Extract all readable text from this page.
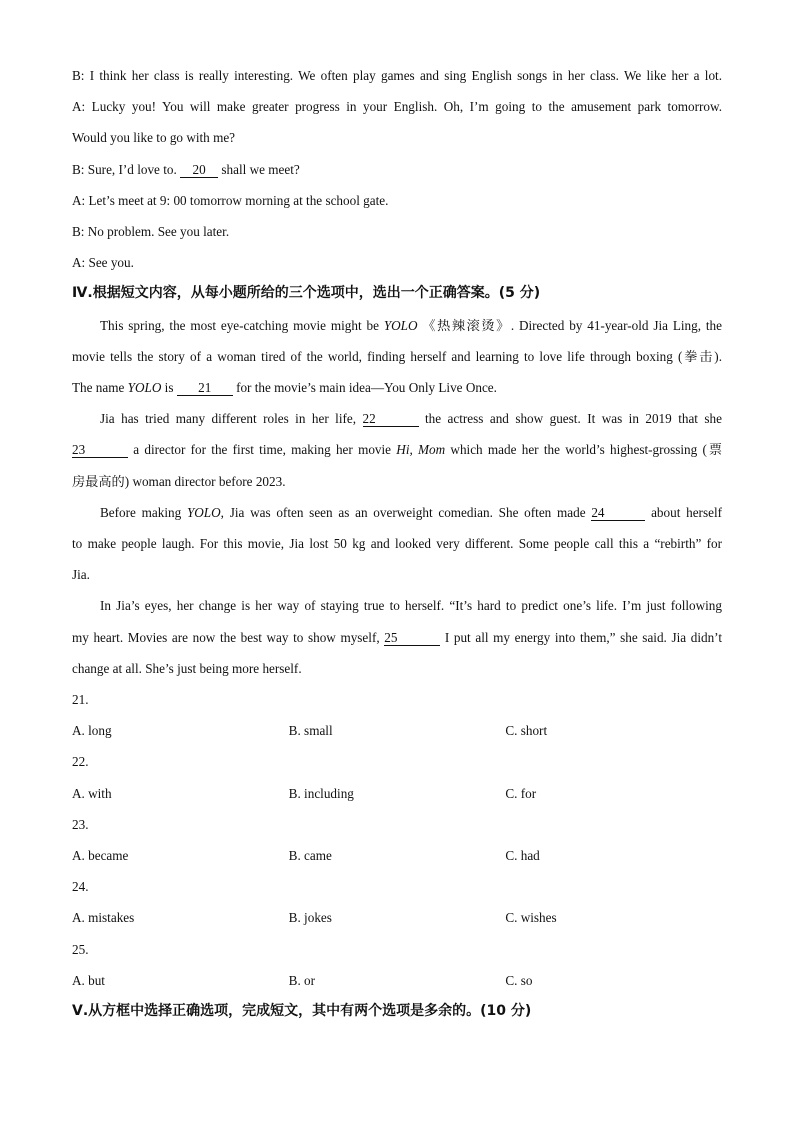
B: I think her class is really interesting. We often play games and sing English songs in her class. We like her a lot.
A: Lucky you! You will make greater progress in your English. Oh, I’m going to the amusement park tomorrow.
Would you like to go with me?
B: Sure, I’d love to. 20 shall we meet?
A: Let’s meet at 9: 00 tomorrow morning at the school gate.
B: No problem. See you later.
A: See you.
Ⅳ.根据短文内容，从每小题所给的三个选项中，选出一个正确答案。(5 分)
This spring, the most eye-catching movie might be YOLO 《热辣滚烫》. Directed by 41-year-old Jia Ling, the
movie tells the story of a woman tired of the world, finding herself and learning to love life through boxing (拳击).
The name YOLO is 21 for the movie’s main idea—You Only Live Once.
Jia has tried many different roles in her life, 22	the actress and show guest. It was in 2019 that she
23	a director for the first time, making her movie Hi, Mom which made her the world’s highest-grossing (票
房最高的) woman director before 2023.
Before making YOLO, Jia was often seen as an overweight comedian. She often made 24	about herself
to make people laugh. For this movie, Jia lost 50 kg and looked very different. Some people call this a “rebirth” for
Jia.
In Jia’s eyes, her change is her way of staying true to herself. “It’s hard to predict one’s life. I’m just following
my heart. Movies are now the best way to show myself, 25	I put all my energy into them,” she said. Jia didn’t
change at all. She’s just being more herself.
21.
A. long	B. small	C. short
22.
A. with	B. including	C. for
23.
A. became	B. came	C. had
24.
A. mistakes	B. jokes	C. wishes
25.
A. but	B. or	C. so
Ⅴ.从方框中选择正确选项，完成短文，其中有两个选项是多余的。(10 分)
